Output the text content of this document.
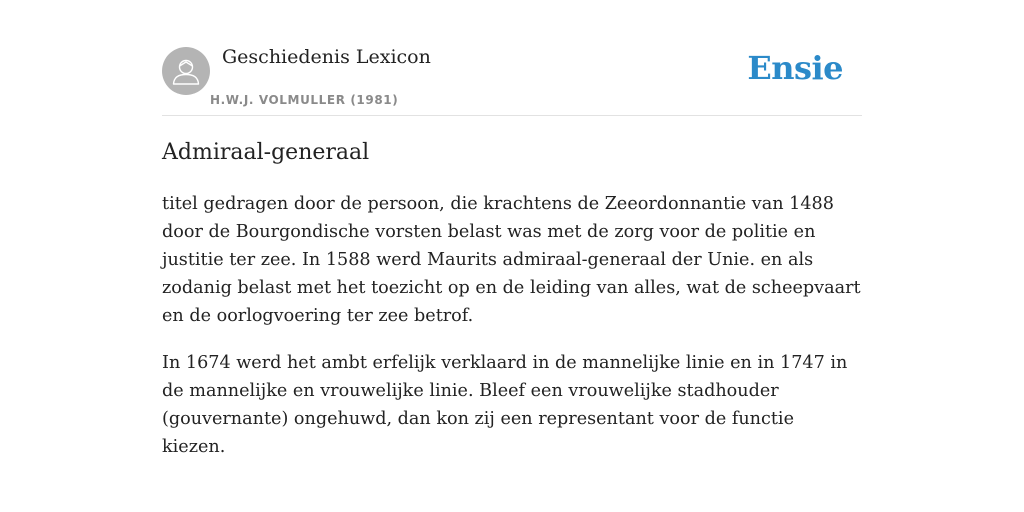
Geschiedenis Lexicon
H.W.J. VOLMULLER (1981)
Ensie
Admiraal-generaal

titel gedragen door de persoon, die krachtens de Zeeordonnantie van 1488 door de Bourgondische vorsten belast was met de zorg voor de politie en justitie ter zee. In 1588 werd Maurits admiraal-generaal der Unie. en als zodanig belast met het toezicht op en de leiding van alles, wat de scheepvaart en de oorlogvoering ter zee betrof.

In 1674 werd het ambt erfelijk verklaard in de mannelijke linie en in 1747 in de mannelijke en vrouwelijke linie. Bleef een vrouwelijke stadhouder (gouvernante) ongehuwd, dan kon zij een representant voor de functie kiezen.
